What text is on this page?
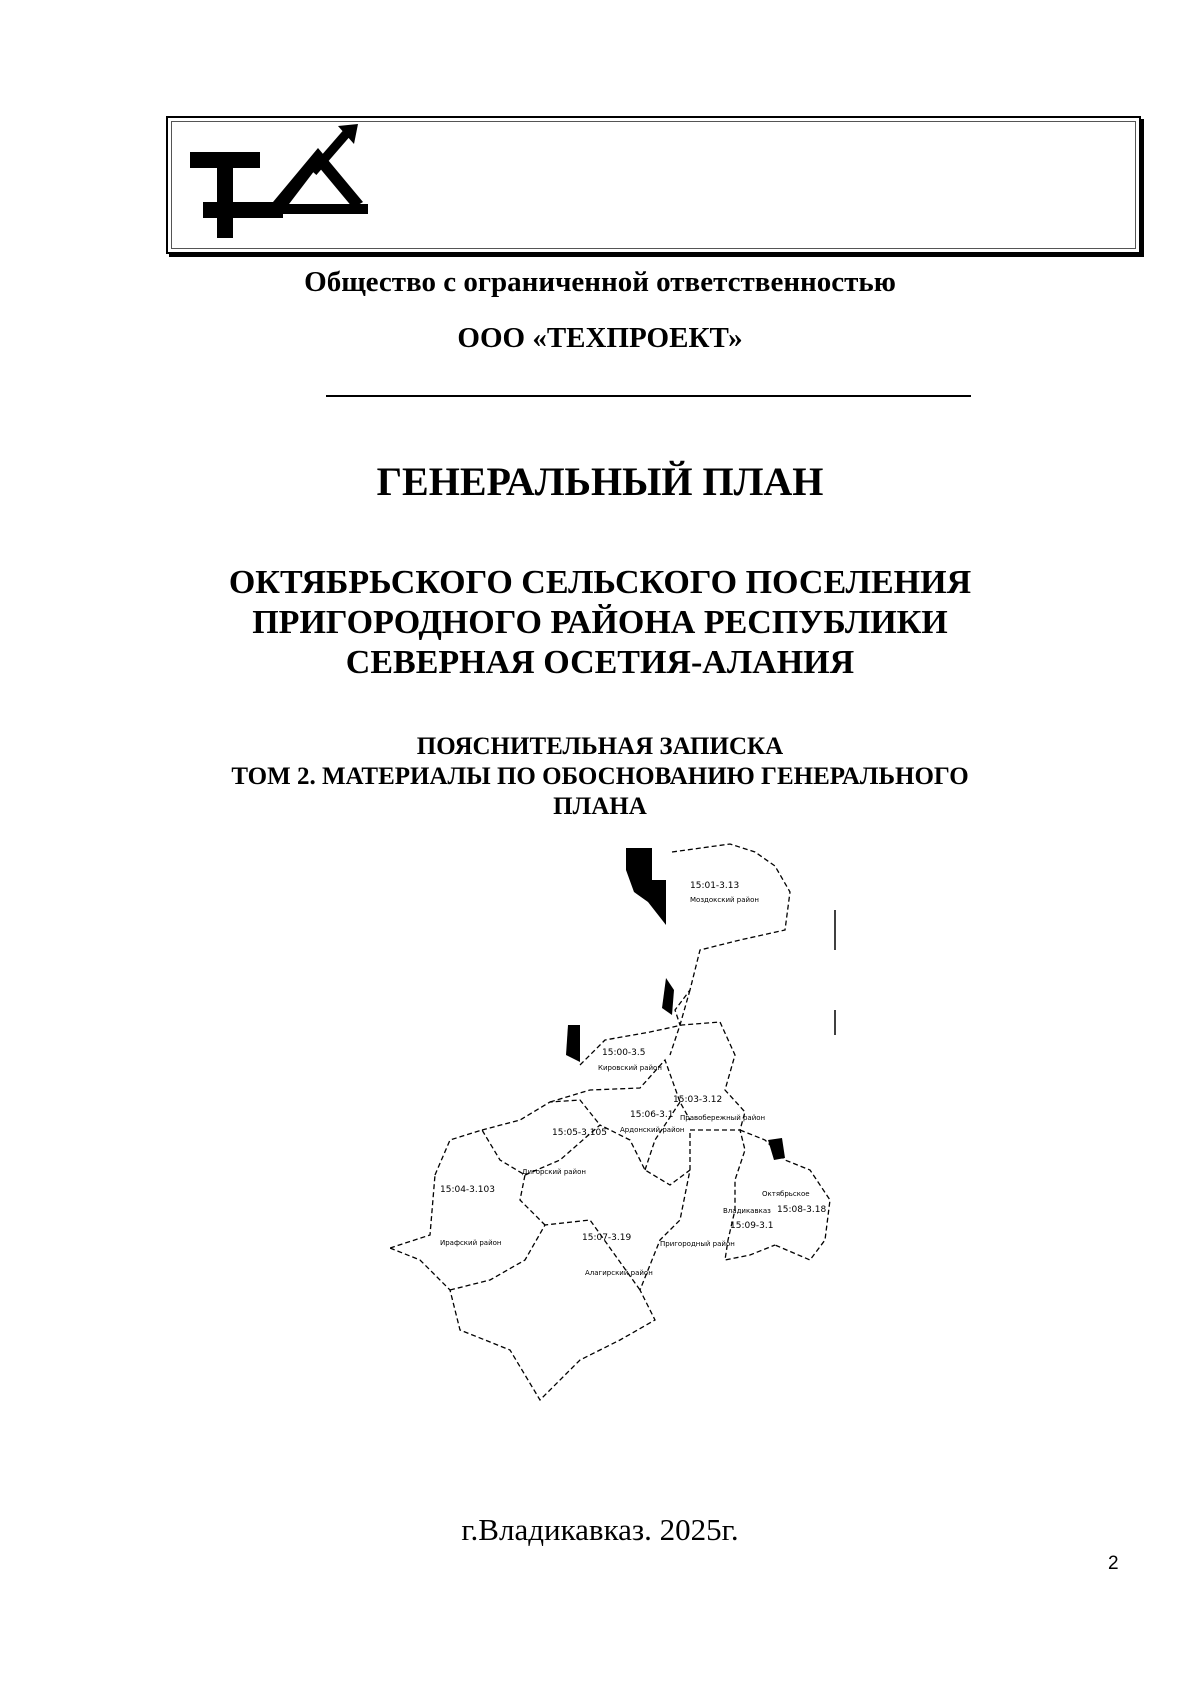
Общество с ограниченной ответственностью
ООО «ТЕХПРОЕКТ»
ГЕНЕРАЛЬНЫЙ ПЛАН
ОКТЯБРЬСКОГО СЕЛЬСКОГО ПОСЕЛЕНИЯ
ПРИГОРОДНОГО РАЙОНА РЕСПУБЛИКИ
СЕВЕРНАЯ ОСЕТИЯ-АЛАНИЯ
ПОЯСНИТЕЛЬНАЯ ЗАПИСКА
ТОМ 2. МАТЕРИАЛЫ ПО ОБОСНОВАНИЮ ГЕНЕРАЛЬНОГО
ПЛАНА
15:01-3.13
Моздокский район
15:00-3.5
Кировский район
15:03-3.12
Правобережный район
15:06-3.1
Ардонский район
15:05-3.105
Дигорский район
15:04-3.103
Ирафский район	15:07-3.19
Алагирский район
15:09-3.1
Пригородный район
15:08-3.18
Октябрьское
Владикавказ
г.Владикавказ. 2025г.
2
